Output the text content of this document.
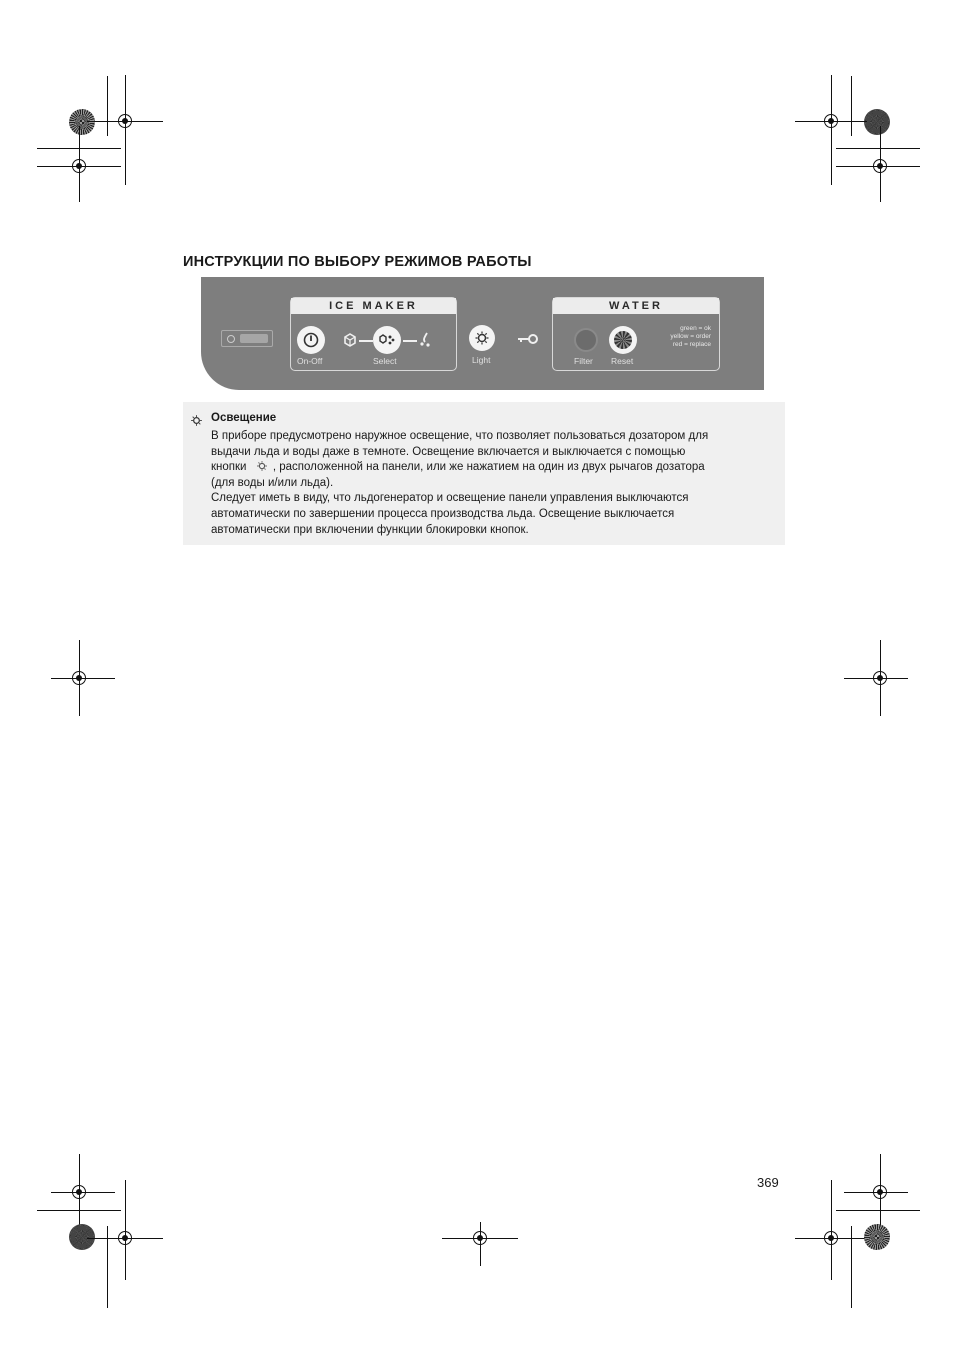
ИНСТРУКЦИИ ПО ВЫБОРУ РЕЖИМОВ РАБОТЫ
ICE MAKER
On-Off	Select	Light
WATER
Filter Reset
green = ok
yellow = order
red = replace
Освещение
В приборе предусмотрено наружное освещение, что позволяет пользоваться дозатором для
выдачи льда и воды даже в темноте. Освещение включается и выключается с помощью
кнопки , расположенной на панели, или же нажатием на один из двух рычагов дозатора
(для воды и/или льда).
Следует иметь в виду, что льдогенератор и освещение панели управления выключаются
автоматически по завершении процесса производства льда. Освещение выключается
автоматически при включении функции блокировки кнопок.
369
